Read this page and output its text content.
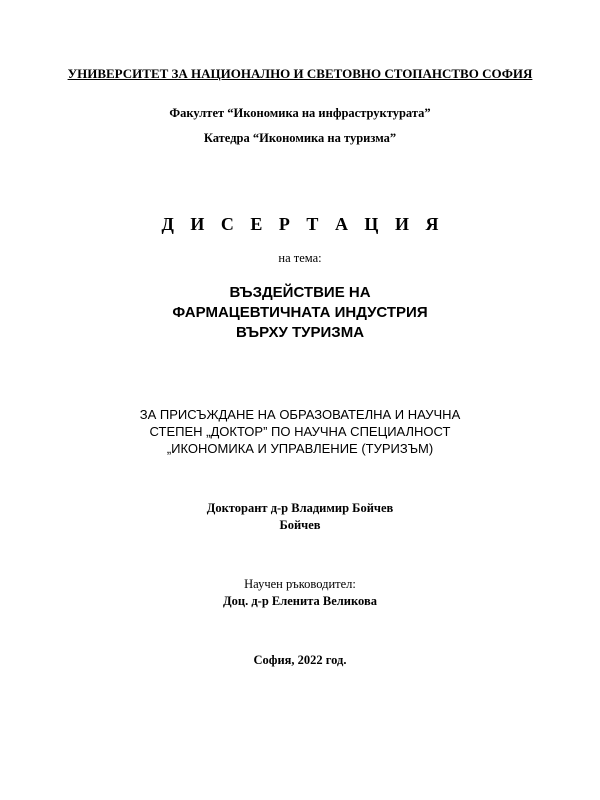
УНИВЕРСИТЕТ ЗА НАЦИОНАЛНО И СВЕТОВНО СТОПАНСТВО СОФИЯ
Факултет “Икономика на инфраструктурата”
Катедра “Икономика на туризма”
Д И С Е Р Т А Ц И Я
на тема:
ВЪЗДЕЙСТВИЕ НА
ФАРМАЦЕВТИЧНАТА ИНДУСТРИЯ
ВЪРХУ ТУРИЗМА
ЗА ПРИСЪЖДАНЕ НА ОБРАЗОВАТЕЛНА И НАУЧНА
СТЕПЕН „ДОКТОР” ПО НАУЧНА СПЕЦИАЛНОСТ
„ИКОНОМИКА И УПРАВЛЕНИЕ (ТУРИЗЪМ)
Докторант д-р Владимир Бойчев
Бойчев
Научен ръководител:
Доц. д-р Еленита Великова
София, 2022 год.
